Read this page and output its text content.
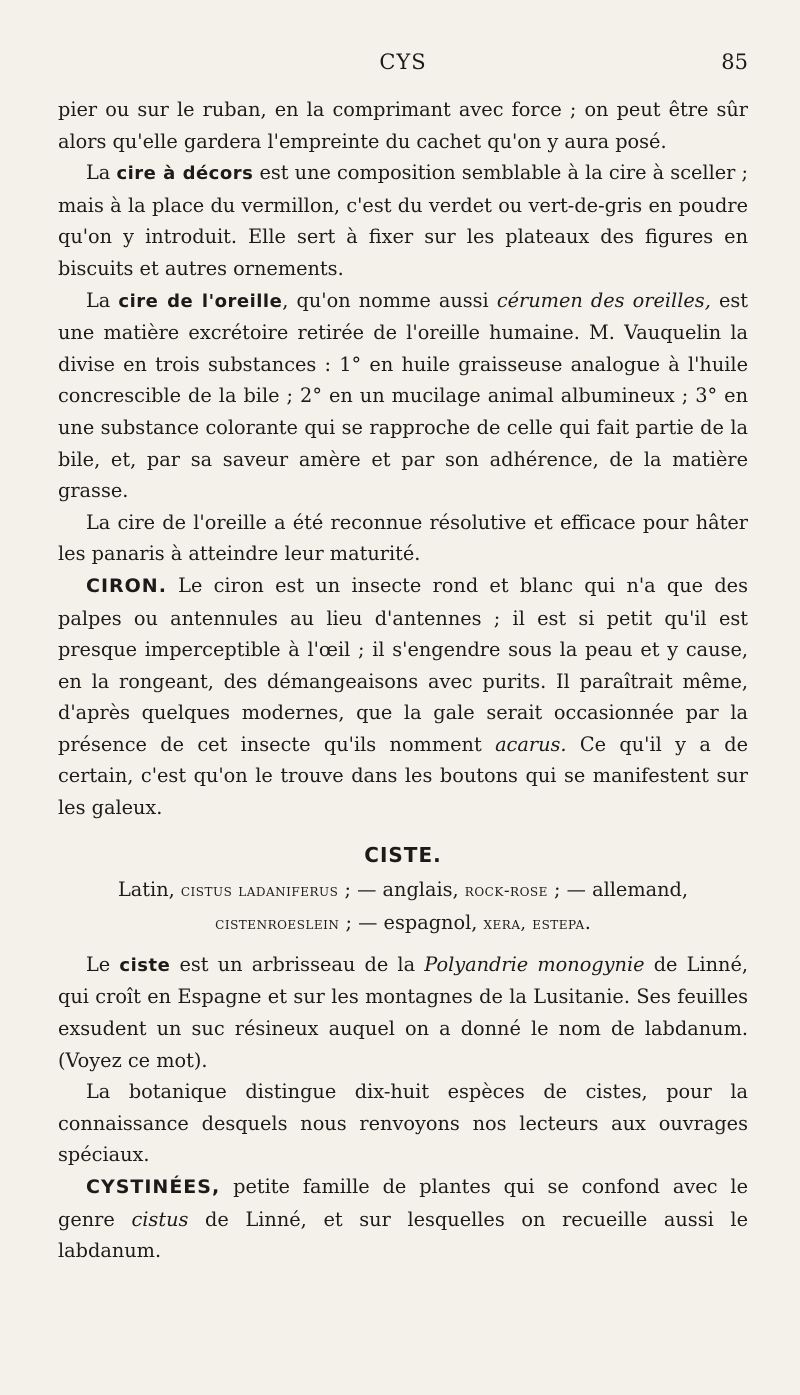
CYS	85

pier ou sur le ruban, en la comprimant avec force ; on peut être sûr alors qu'elle gardera l'empreinte du cachet qu'on y aura posé.

La cire à décors est une composition semblable à la cire à sceller ; mais à la place du vermillon, c'est du verdet ou vert-de-gris en poudre qu'on y introduit. Elle sert à fixer sur les plateaux des figures en biscuits et autres ornements.

La cire de l'oreille, qu'on nomme aussi cérumen des oreilles, est une matière excrétoire retirée de l'oreille humaine. M. Vauquelin la divise en trois substances : 1° en huile graisseuse analogue à l'huile concrescible de la bile ; 2° en un mucilage animal albumineux ; 3° en une substance colorante qui se rapproche de celle qui fait partie de la bile, et, par sa saveur amère et par son adhérence, de la matière grasse.

La cire de l'oreille a été reconnue résolutive et efficace pour hâter les panaris à atteindre leur maturité.

CIRON. Le ciron est un insecte rond et blanc qui n'a que des palpes ou antennules au lieu d'antennes ; il est si petit qu'il est presque imperceptible à l'œil ; il s'engendre sous la peau et y cause, en la rongeant, des démangeaisons avec purits. Il paraîtrait même, d'après quelques modernes, que la gale serait occasionnée par la présence de cet insecte qu'ils nomment acarus. Ce qu'il y a de certain, c'est qu'on le trouve dans les boutons qui se manifestent sur les galeux.

CISTE.
Latin, cistus ladaniferus ; — anglais, rock-rose ; — allemand, cistenroeslein ; — espagnol, xera, estepa.

Le ciste est un arbrisseau de la Polyandrie monogynie de Linné, qui croît en Espagne et sur les montagnes de la Lusitanie. Ses feuilles exsudent un suc résineux auquel on a donné le nom de labdanum. (Voyez ce mot).

La botanique distingue dix-huit espèces de cistes, pour la connaissance desquels nous renvoyons nos lecteurs aux ouvrages spéciaux.

CYSTINÉES, petite famille de plantes qui se confond avec le genre cistus de Linné, et sur lesquelles on recueille aussi le labdanum.
